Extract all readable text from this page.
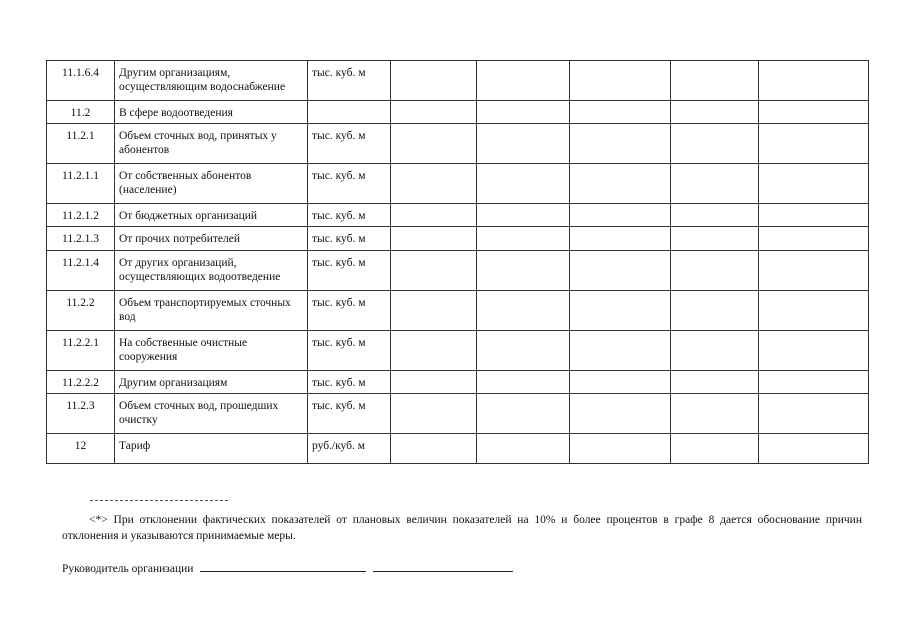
11.1.6.4	Другим организациям, осуществляющим водоснабжение	тыс. куб. м					
11.2	В сфере водоотведения						
11.2.1	Объем сточных вод, принятых у абонентов	тыс. куб. м					
11.2.1.1	От собственных абонентов (население)	тыс. куб. м					
11.2.1.2	От бюджетных организаций	тыс. куб. м					
11.2.1.3	От прочих потребителей	тыс. куб. м					
11.2.1.4	От других организаций, осуществляющих водоотведение	тыс. куб. м					
11.2.2	Объем транспортируемых сточных вод	тыс. куб. м					
11.2.2.1	На собственные очистные сооружения	тыс. куб. м					
11.2.2.2	Другим организациям	тыс. куб. м					
11.2.3	Объем сточных вод, прошедших очистку	тыс. куб. м					
12	Тариф	руб./куб. м					
<*> При отклонении фактических показателей от плановых величин показателей на 10% и более процентов в графе 8 дается обоснование причин отклонения и указываются принимаемые меры.
Руководитель организации
